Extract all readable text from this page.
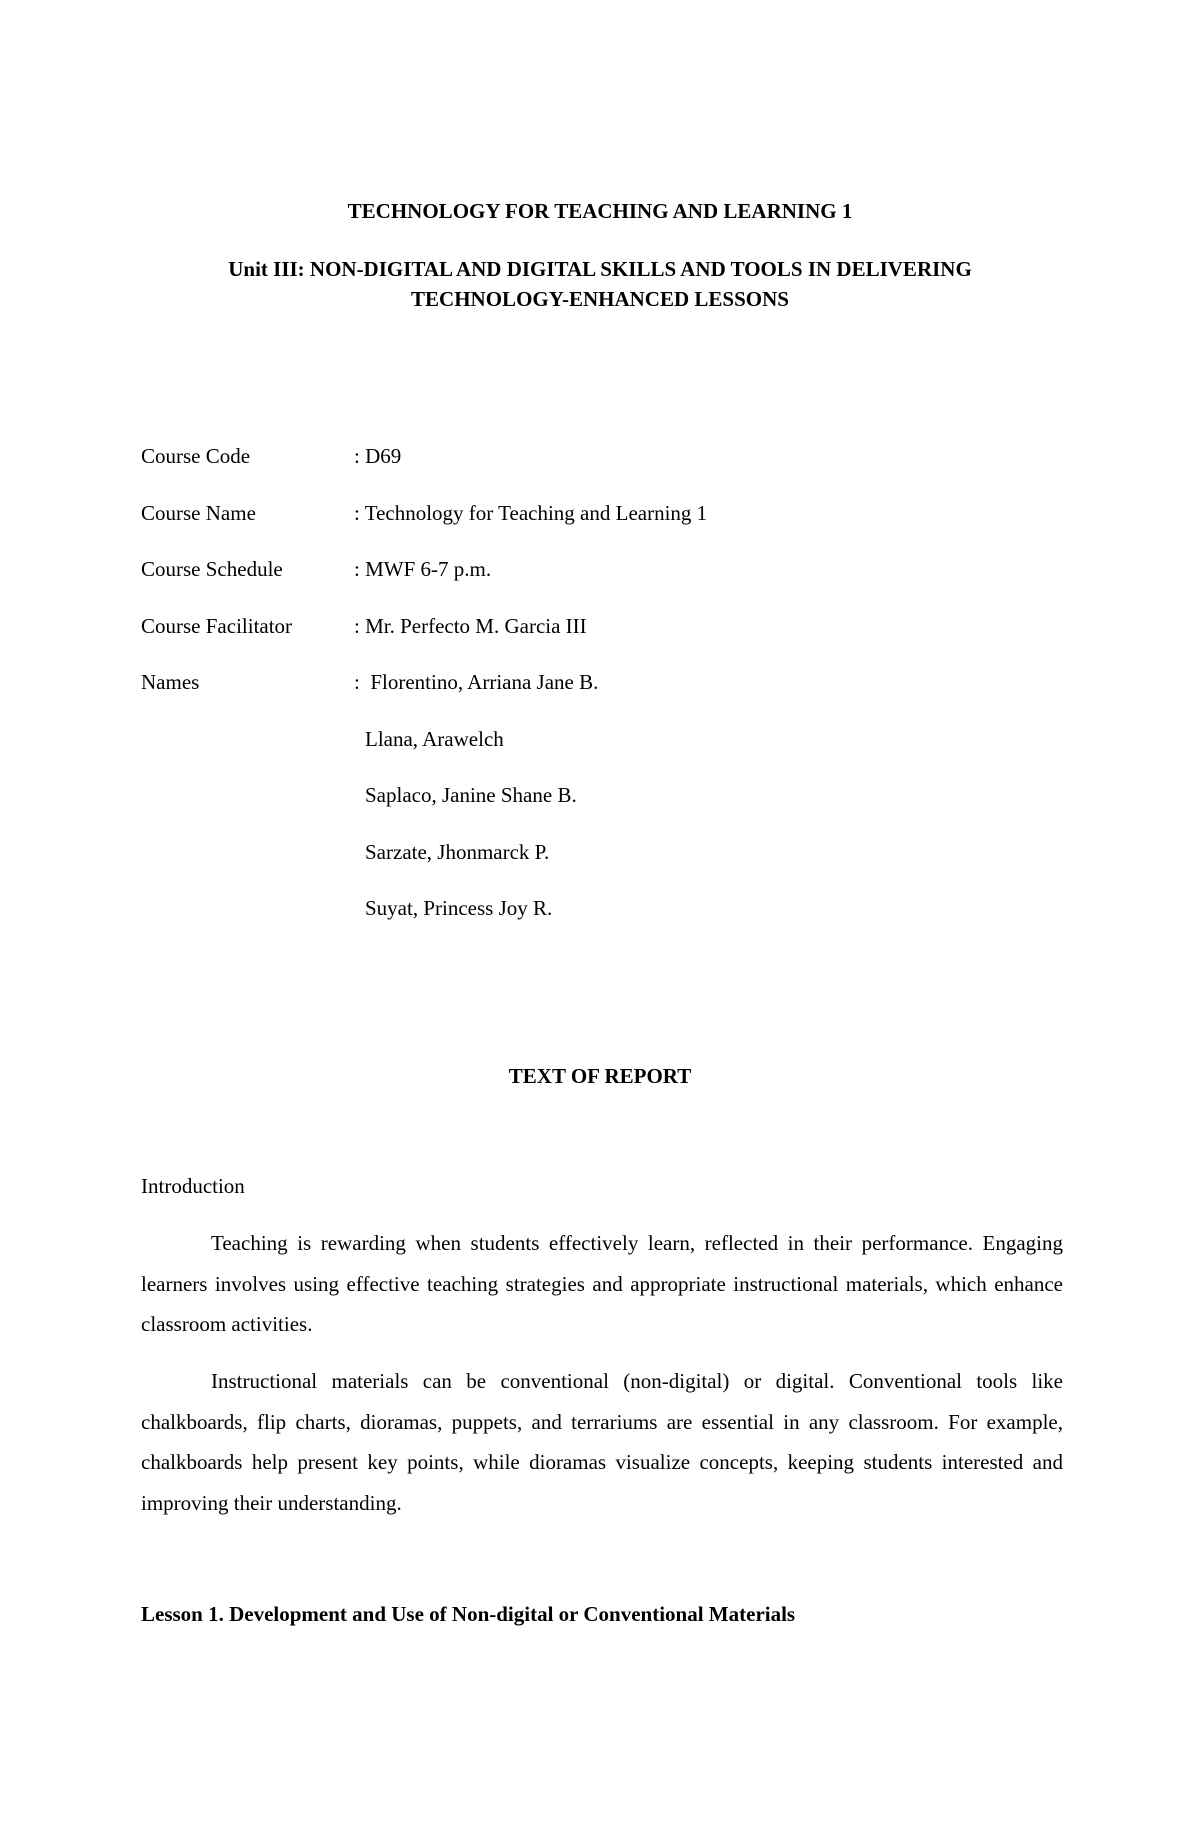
TECHNOLOGY FOR TEACHING AND LEARNING 1
Unit III: NON-DIGITAL AND DIGITAL SKILLS AND TOOLS IN DELIVERING
TECHNOLOGY-ENHANCED LESSONS
Course Code	: D69
Course Name	: Technology for Teaching and Learning 1
Course Schedule	: MWF 6-7 p.m.
Course Facilitator	: Mr. Perfecto M. Garcia III
Names	:  Florentino, Arriana Jane B.
Llana, Arawelch
Saplaco, Janine Shane B.
Sarzate, Jhonmarck P.
Suyat, Princess Joy R.
TEXT OF REPORT
Introduction
Teaching is rewarding when students effectively learn, reflected in their performance. Engaging learners involves using effective teaching strategies and appropriate instructional materials, which enhance classroom activities.
Instructional materials can be conventional (non-digital) or digital. Conventional tools like chalkboards, flip charts, dioramas, puppets, and terrariums are essential in any classroom. For example, chalkboards help present key points, while dioramas visualize concepts, keeping students interested and improving their understanding.
Lesson 1. Development and Use of Non-digital or Conventional Materials
